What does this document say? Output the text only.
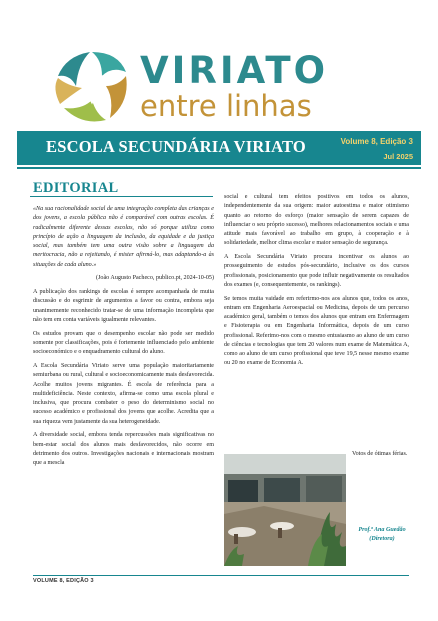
VIRIATO
entre linhas
ESCOLA SECUNDÁRIA VIRIATO	Volume 8, Edição 3
Jul 2025
EDITORIAL

«Na sua racionalidade social de uma integração completa das crianças e dos jovens, a escola pública não é comparável com outras escolas. É radicalmente diferente dessas escolas, não só porque utiliza como princípio de ação a linguagem da inclusão, da equidade e da justiça social, mas também tem uma outra visão sobre a linguagem da meritocracia, não a rejeitando, é mister afirmá-lo, mas adaptando-a às situações de cada aluno.»

(João Augusto Pacheco, publico.pt, 2024-10-05)

A publicação dos rankings de escolas é sempre acompanhada de muita discussão e do esgrimir de argumentos a favor ou contra, embora seja unanimemente reconhecido tratar-se de uma informação incompleta que não tem em conta variáveis igualmente relevantes.

Os estudos provam que o desempenho escolar não pode ser medido somente por classificações, pois é fortemente influenciado pelo ambiente socioeconómico e o enquadramento cultural do aluno.

A Escola Secundária Viriato serve uma população maioritariamente semiurbana ou rural, cultural e socioeconomicamente mais desfavorecida. Acolhe muitos jovens migrantes. É escola de referência para a multideficiência. Neste contexto, afirma-se como uma escola plural e inclusiva, que procura combater o peso do determinismo social no sucesso académico e profissional dos jovens que acolhe. Acredita que a sua riqueza vem justamente da sua heterogeneidade.

A diversidade social, embora tenda repercussões mais significativas no bem-estar social dos alunos mais desfavorecidos, não ocorre em detrimento dos outros. Investigações nacionais e internacionais mostram que a mescla

social e cultural tem efeitos positivos em todos os alunos, independentemente da sua origem: maior autoestima e maior otimismo quanto ao retorno do esforço (maior sensação de serem capazes de influenciar o seu próprio sucesso), melhores relacionamentos sociais e uma atitude mais favorável ao trabalho em grupo, à cooperação e à solidariedade, melhor clima escolar e maior sensação de segurança.

A Escola Secundária Viriato procura incentivar os alunos ao prosseguimento de estudos pós-secundário, inclusive os dos cursos profissionais, posicionamento que pode influir negativamente os resultados dos exames (e, consequentemente, os rankings).

Se temos muita vaidade em referirmo-nos aos alunos que, todos os anos, entram em Engenharia Aeroespacial ou Medicina, depois de um percurso académico geral, também o temos dos alunos que entram em Enfermagem e Fisioterapia ou em Engenharia Informática, depois de um curso profissional. Referimo-nos com o mesmo entusiasmo ao aluno de um curso de ciências e tecnologias que tem 20 valores num exame de Matemática A, como ao aluno de um curso profissional que teve 19,5 nesse mesmo exame ou 20 no exame de Economia A.

Votos de ótimas férias.
Prof.ª Ana Guedão (Diretora)
VOLUME 8, EDIÇÃO 3
